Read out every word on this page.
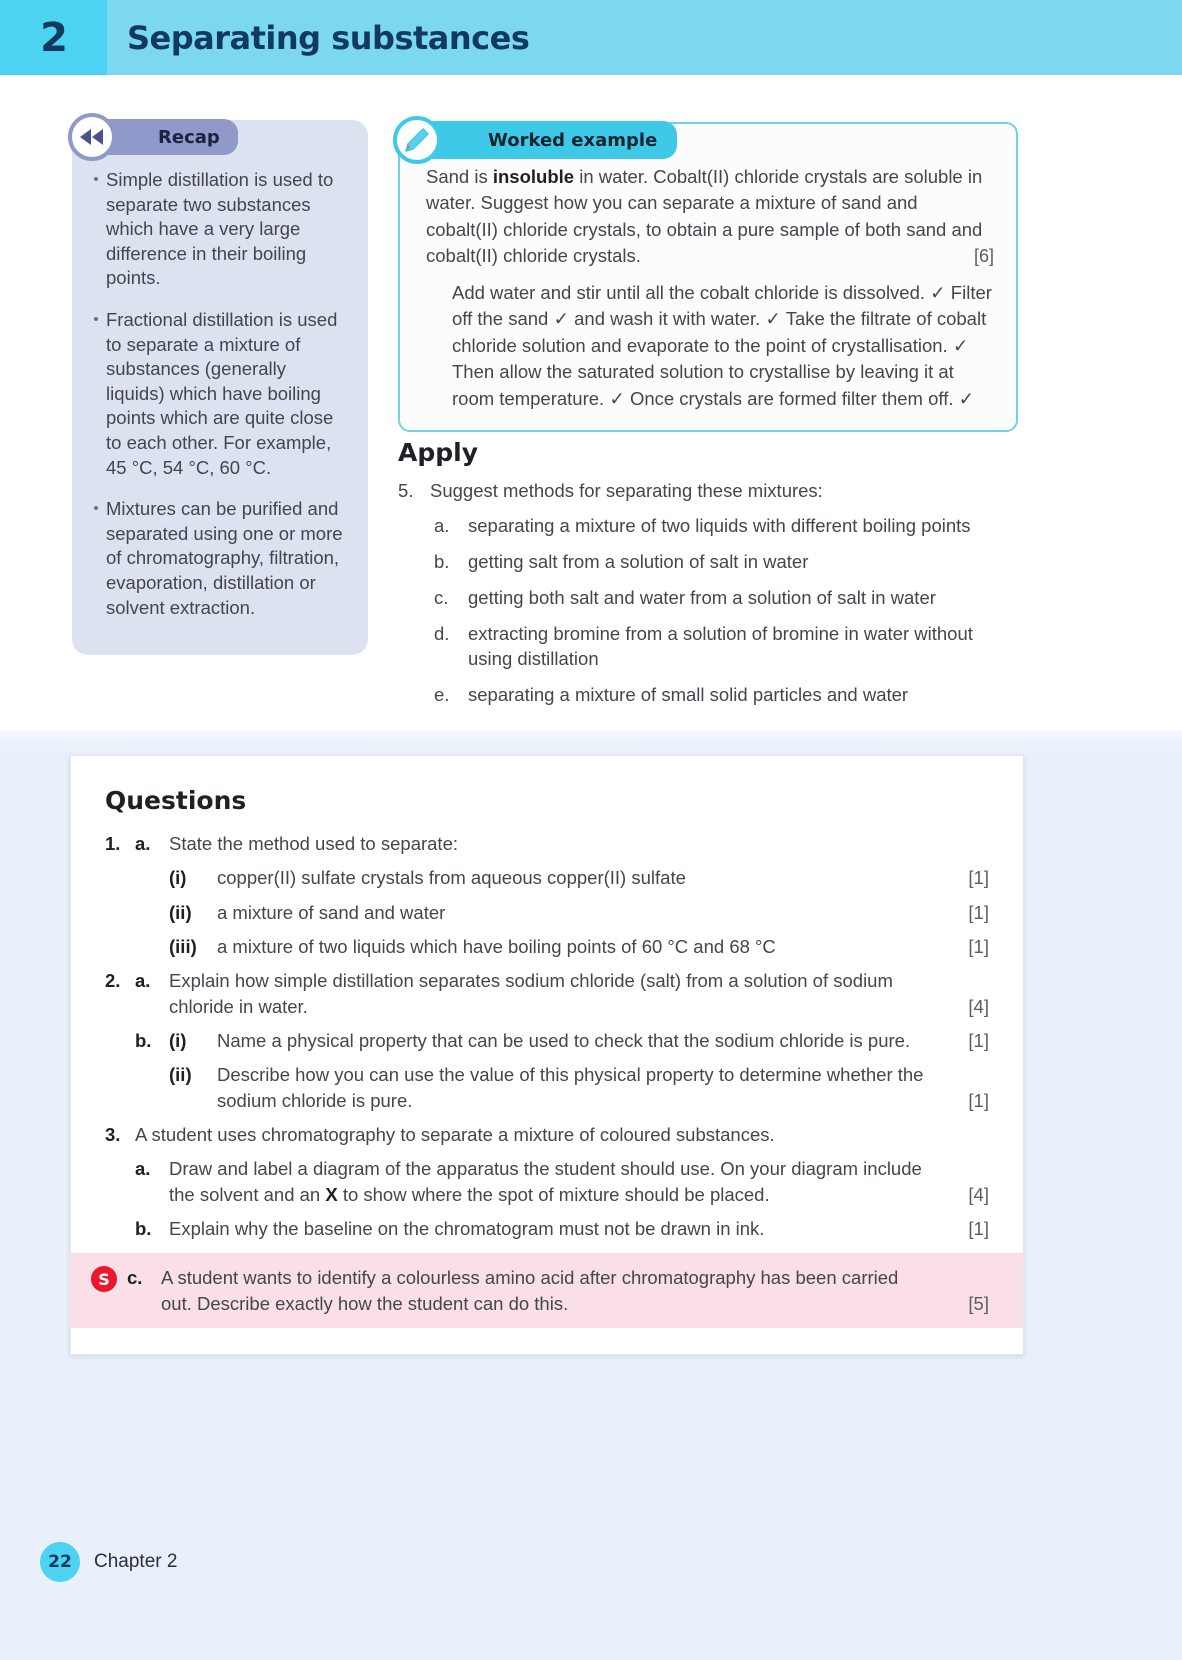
2 Separating substances
Recap
• Simple distillation is used to separate two substances which have a very large difference in their boiling points.
• Fractional distillation is used to separate a mixture of substances (generally liquids) which have boiling points which are quite close to each other. For example, 45 °C, 54 °C, 60 °C.
• Mixtures can be purified and separated using one or more of chromatography, filtration, evaporation, distillation or solvent extraction.
Worked example
Sand is insoluble in water. Cobalt(II) chloride crystals are soluble in water. Suggest how you can separate a mixture of sand and cobalt(II) chloride crystals, to obtain a pure sample of both sand and cobalt(II) chloride crystals.	[6]
Add water and stir until all the cobalt chloride is dissolved. ✓ Filter off the sand ✓ and wash it with water. ✓ Take the filtrate of cobalt chloride solution and evaporate to the point of crystallisation. ✓ Then allow the saturated solution to crystallise by leaving it at room temperature. ✓ Once crystals are formed filter them off. ✓
Apply
5. Suggest methods for separating these mixtures:
a.	separating a mixture of two liquids with different boiling points
b.	getting salt from a solution of salt in water
c.	getting both salt and water from a solution of salt in water
d.	extracting bromine from a solution of bromine in water without using distillation
e.	separating a mixture of small solid particles and water
Questions
1. a.	State the method used to separate:
(i)	copper(II) sulfate crystals from aqueous copper(II) sulfate	[1]
(ii)	a mixture of sand and water	[1]
(iii)	a mixture of two liquids which have boiling points of 60 °C and 68 °C	[1]
2. a.	Explain how simple distillation separates sodium chloride (salt) from a solution of sodium chloride in water.	[4]
b. (i)	Name a physical property that can be used to check that the sodium chloride is pure.	[1]
(ii)	Describe how you can use the value of this physical property to determine whether the sodium chloride is pure.	[1]
3. A student uses chromatography to separate a mixture of coloured substances.
a.	Draw and label a diagram of the apparatus the student should use. On your diagram include the solvent and an X to show where the spot of mixture should be placed.	[4]
b. Explain why the baseline on the chromatogram must not be drawn in ink.	[1]
S c.	A student wants to identify a colourless amino acid after chromatography has been carried out. Describe exactly how the student can do this.	[5]
22	Chapter 2
